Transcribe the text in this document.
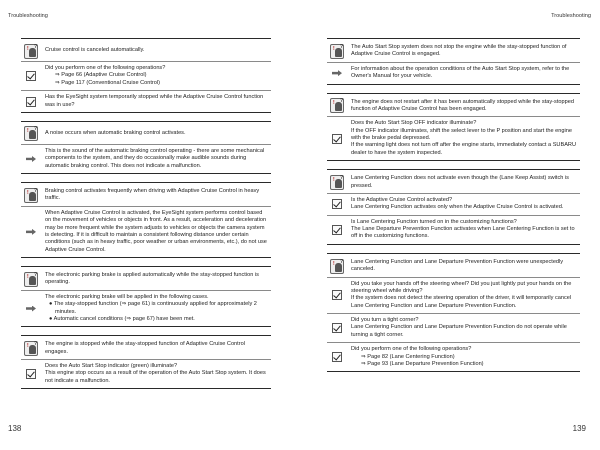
Troubleshooting
! ?

Cruise control is canceled automatically.

Did you perform one of the following operations?

⇒ Page 66 (Adaptive Cruise Control)

⇒ Page 117 (Conventional Cruise Control)

Has the EyeSight system temporarily stopped while the Adaptive Cruise Control function was in use?

! ?

A noise occurs when automatic braking control activates.

This is the sound of the automatic braking control operating - there are some mechanical components to the system, and they do occasionally make audible sounds during automatic braking control. This does not indicate a malfunction.

! ? Braking control activates frequently when driving with Adaptive Cruise Control in heavy traffic.

When Adaptive Cruise Control is activated, the EyeSight system performs control based on the movement of vehicles or objects in front. As a result, acceleration and deceleration may be more frequent while the system adjusts to vehicles or objects the camera system is detecting. If it is difficult to maintain a consistent following distance under certain conditions (such as in heavy traffic, poor weather or urban environments, etc.), do not use Adaptive Cruise Control.

! ? The electronic parking brake is applied automatically while the stay-stopped function is operating.

The electronic parking brake will be applied in the following cases.

● The stay-stopped function (⇒ page 61) is continuously applied for approximately 2 minutes.

● Automatic cancel conditions (⇒ page 67) have been met.

! ? The engine is stopped while the stay-stopped function of Adaptive Cruise Control engages.

Does the Auto Start Stop indicator (green) illuminate?

This engine stop occurs as a result of the operation of the Auto Start Stop system. It does not indicate a malfunction.

138
Troubleshooting
! ? The Auto Start Stop system does not stop the engine while the stay-stopped function of Adaptive Cruise Control is engaged.

For information about the operation conditions of the Auto Start Stop system, refer to the Owner's Manual for your vehicle.

! ? The engine does not restart after it has been automatically stopped while the stay-stopped function of Adaptive Cruise Control has been engaged.

Does the Auto Start Stop OFF indicator illuminate?

If the OFF indicator illuminates, shift the select lever to the P position and start the engine with the brake pedal depressed.

If the warning light does not turn off after the engine starts, immediately contact a SUBARU dealer to have the system inspected.

! ? Lane Centering Function does not activate even though the (Lane Keep Assist) switch is pressed.

Is the Adaptive Cruise Control activated?

Lane Centering Function activates only when the Adaptive Cruise Control is activated.

Is Lane Centering Function turned on in the customizing functions?

The Lane Departure Prevention Function activates when Lane Centering Function is set to off in the customizing functions.

! ? Lane Centering Function and Lane Departure Prevention Function were unexpectedly canceled.

Did you take your hands off the steering wheel? Did you just lightly put your hands on the steering wheel while driving?

If the system does not detect the steering operation of the driver, it will temporarily cancel Lane Centering Function and Lane Departure Prevention Function.

Did you turn a tight corner?

Lane Centering Function and Lane Departure Prevention Function do not operate while turning a tight corner.

Did you perform one of the following operations?

⇒ Page 82 (Lane Centering Function)

⇒ Page 93 (Lane Departure Prevention Function)

139
